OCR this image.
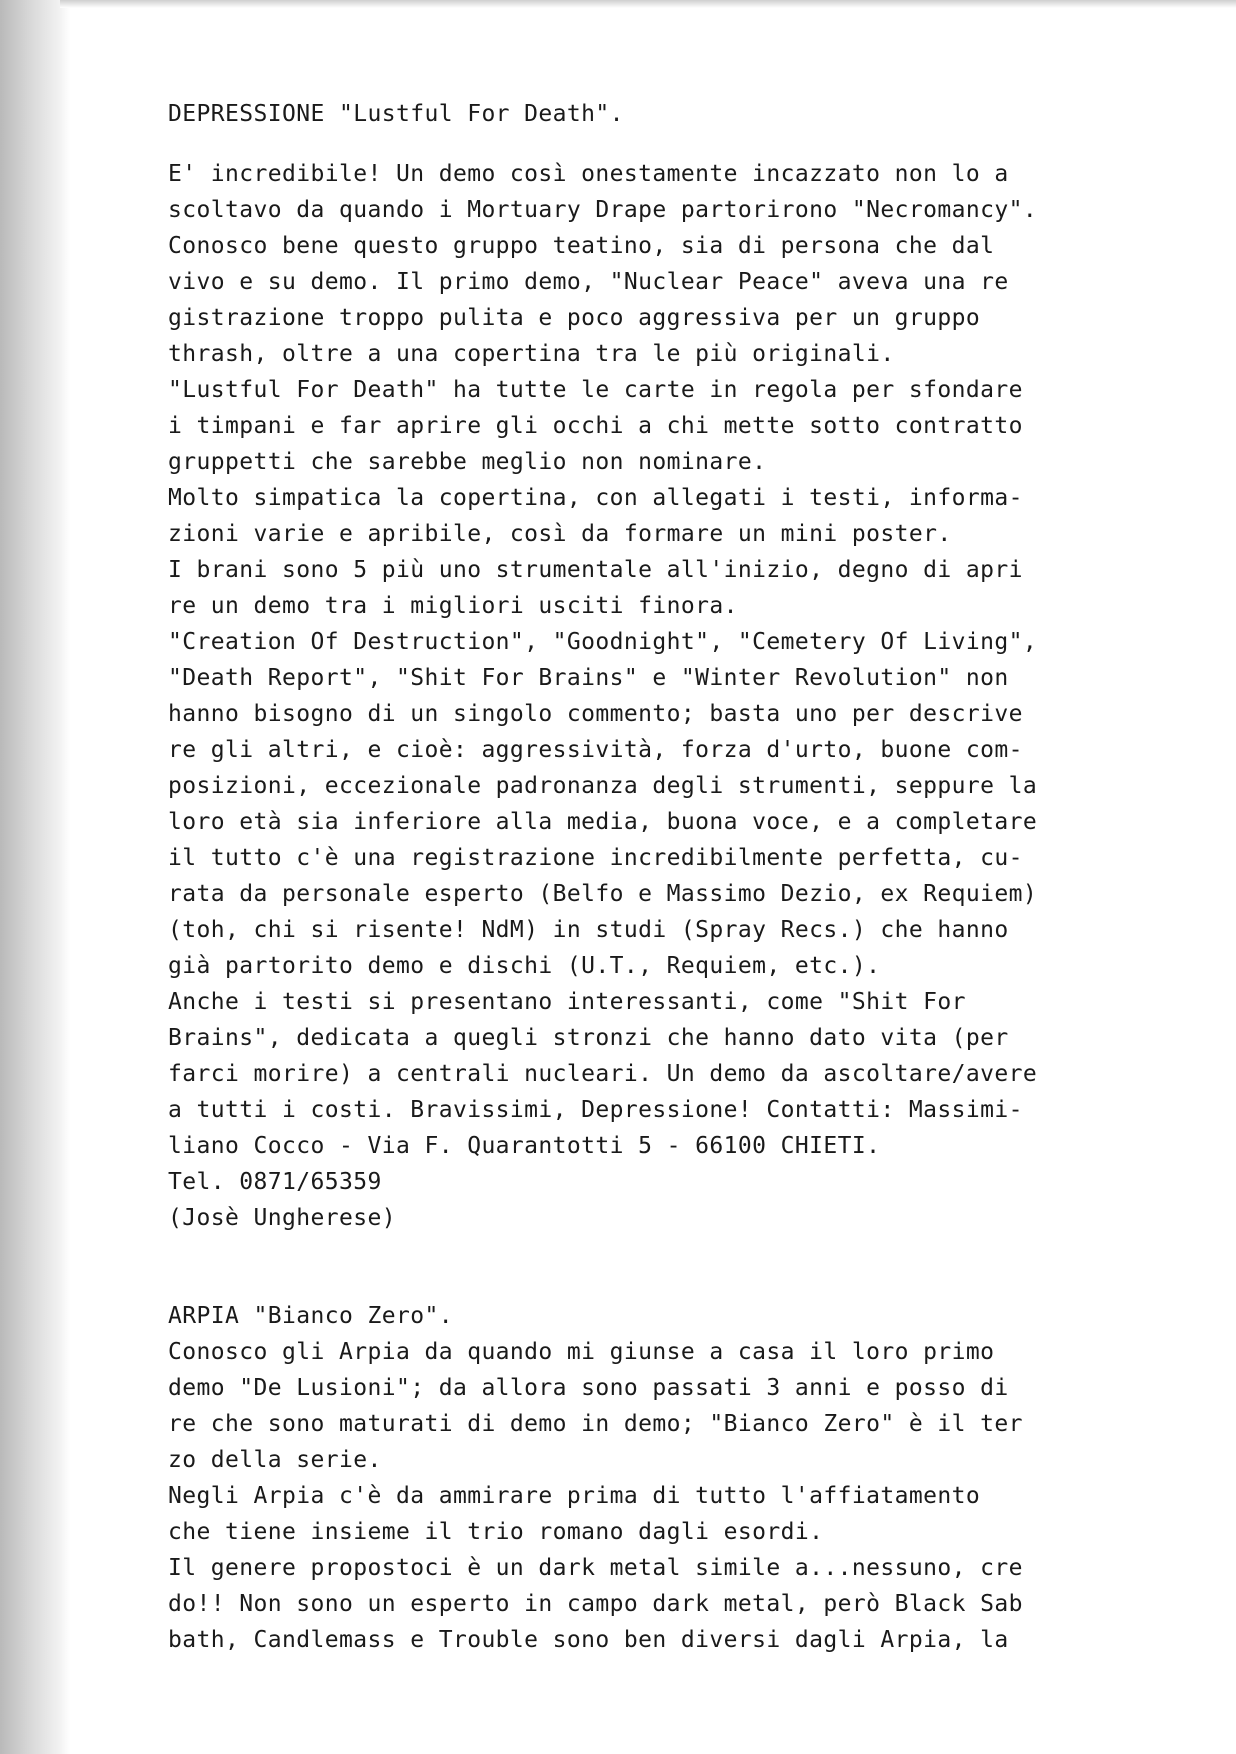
DEPRESSIONE "Lustful For Death".
E' incredibile! Un demo così onestamente incazzato non lo a
scoltavo da quando i Mortuary Drape partorirono "Necromancy".
Conosco bene questo gruppo teatino, sia di persona che dal
vivo e su demo. Il primo demo, "Nuclear Peace" aveva una re
gistrazione troppo pulita e poco aggressiva per un gruppo
thrash, oltre a una copertina tra le più originali.
"Lustful For Death" ha tutte le carte in regola per sfondare
i timpani e far aprire gli occhi a chi mette sotto contratto
gruppetti che sarebbe meglio non nominare.
Molto simpatica la copertina, con allegati i testi, informa-
zioni varie e apribile, così da formare un mini poster.
I brani sono 5 più uno strumentale all'inizio, degno di apri
re un demo tra i migliori usciti finora.
"Creation Of Destruction", "Goodnight", "Cemetery Of Living",
"Death Report", "Shit For Brains" e "Winter Revolution" non
hanno bisogno di un singolo commento; basta uno per descrive
re gli altri, e cioè: aggressività, forza d'urto, buone com-
posizioni, eccezionale padronanza degli strumenti, seppure la
loro età sia inferiore alla media, buona voce, e a completare
il tutto c'è una registrazione incredibilmente perfetta, cu-
rata da personale esperto (Belfo e Massimo Dezio, ex Requiem)
(toh, chi si risente! NdM) in studi (Spray Recs.) che hanno
già partorito demo e dischi (U.T., Requiem, etc.).
Anche i testi si presentano interessanti, come "Shit For
Brains", dedicata a quegli stronzi che hanno dato vita (per
farci morire) a centrali nucleari. Un demo da ascoltare/avere
a tutti i costi. Bravissimi, Depressione! Contatti: Massimi-
liano Cocco - Via F. Quarantotti 5 - 66100 CHIETI.
Tel. 0871/65359
(Josè Ungherese)
ARPIA "Bianco Zero".
Conosco gli Arpia da quando mi giunse a casa il loro primo
demo "De Lusioni"; da allora sono passati 3 anni e posso di
re che sono maturati di demo in demo; "Bianco Zero" è il ter
zo della serie.
Negli Arpia c'è da ammirare prima di tutto l'affiatamento
che tiene insieme il trio romano dagli esordi.
Il genere propostoci è un dark metal simile a...nessuno, cre
do!! Non sono un esperto in campo dark metal, però Black Sab
bath, Candlemass e Trouble sono ben diversi dagli Arpia, la
